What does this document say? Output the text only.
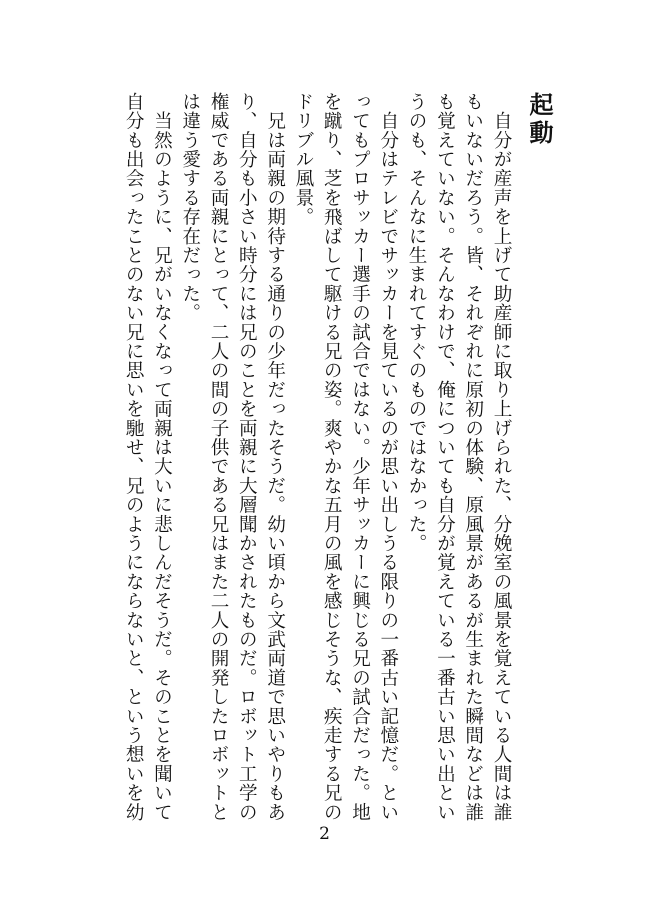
起動
　自分が産声を上げて助産師に取り上げられた、分娩室の風景を覚えている人間は誰
もいないだろう。皆、それぞれに原初の体験、原風景があるが生まれた瞬間などは誰
も覚えていない。そんなわけで、俺についても自分が覚えている一番古い思い出とい
うのも、そんなに生まれてすぐのものではなかった。
　自分はテレビでサッカーを見ているのが思い出しうる限りの一番古い記憶だ。とい
ってもプロサッカー選手の試合ではない。少年サッカーに興じる兄の試合だった。地
を蹴り、芝を飛ばして駆ける兄の姿。爽やかな五月の風を感じそうな、疾走する兄の
ドリブル風景。
　兄は両親の期待する通りの少年だったそうだ。幼い頃から文武両道で思いやりもあ
り、自分も小さい時分には兄のことを両親に大層聞かされたものだ。ロボット工学の
権威である両親にとって、二人の間の子供である兄はまた二人の開発したロボットと
は違う愛する存在だった。
　当然のように、兄がいなくなって両親は大いに悲しんだそうだ。そのことを聞いて
自分も出会ったことのない兄に思いを馳せ、兄のようにならないと、という想いを幼
2
